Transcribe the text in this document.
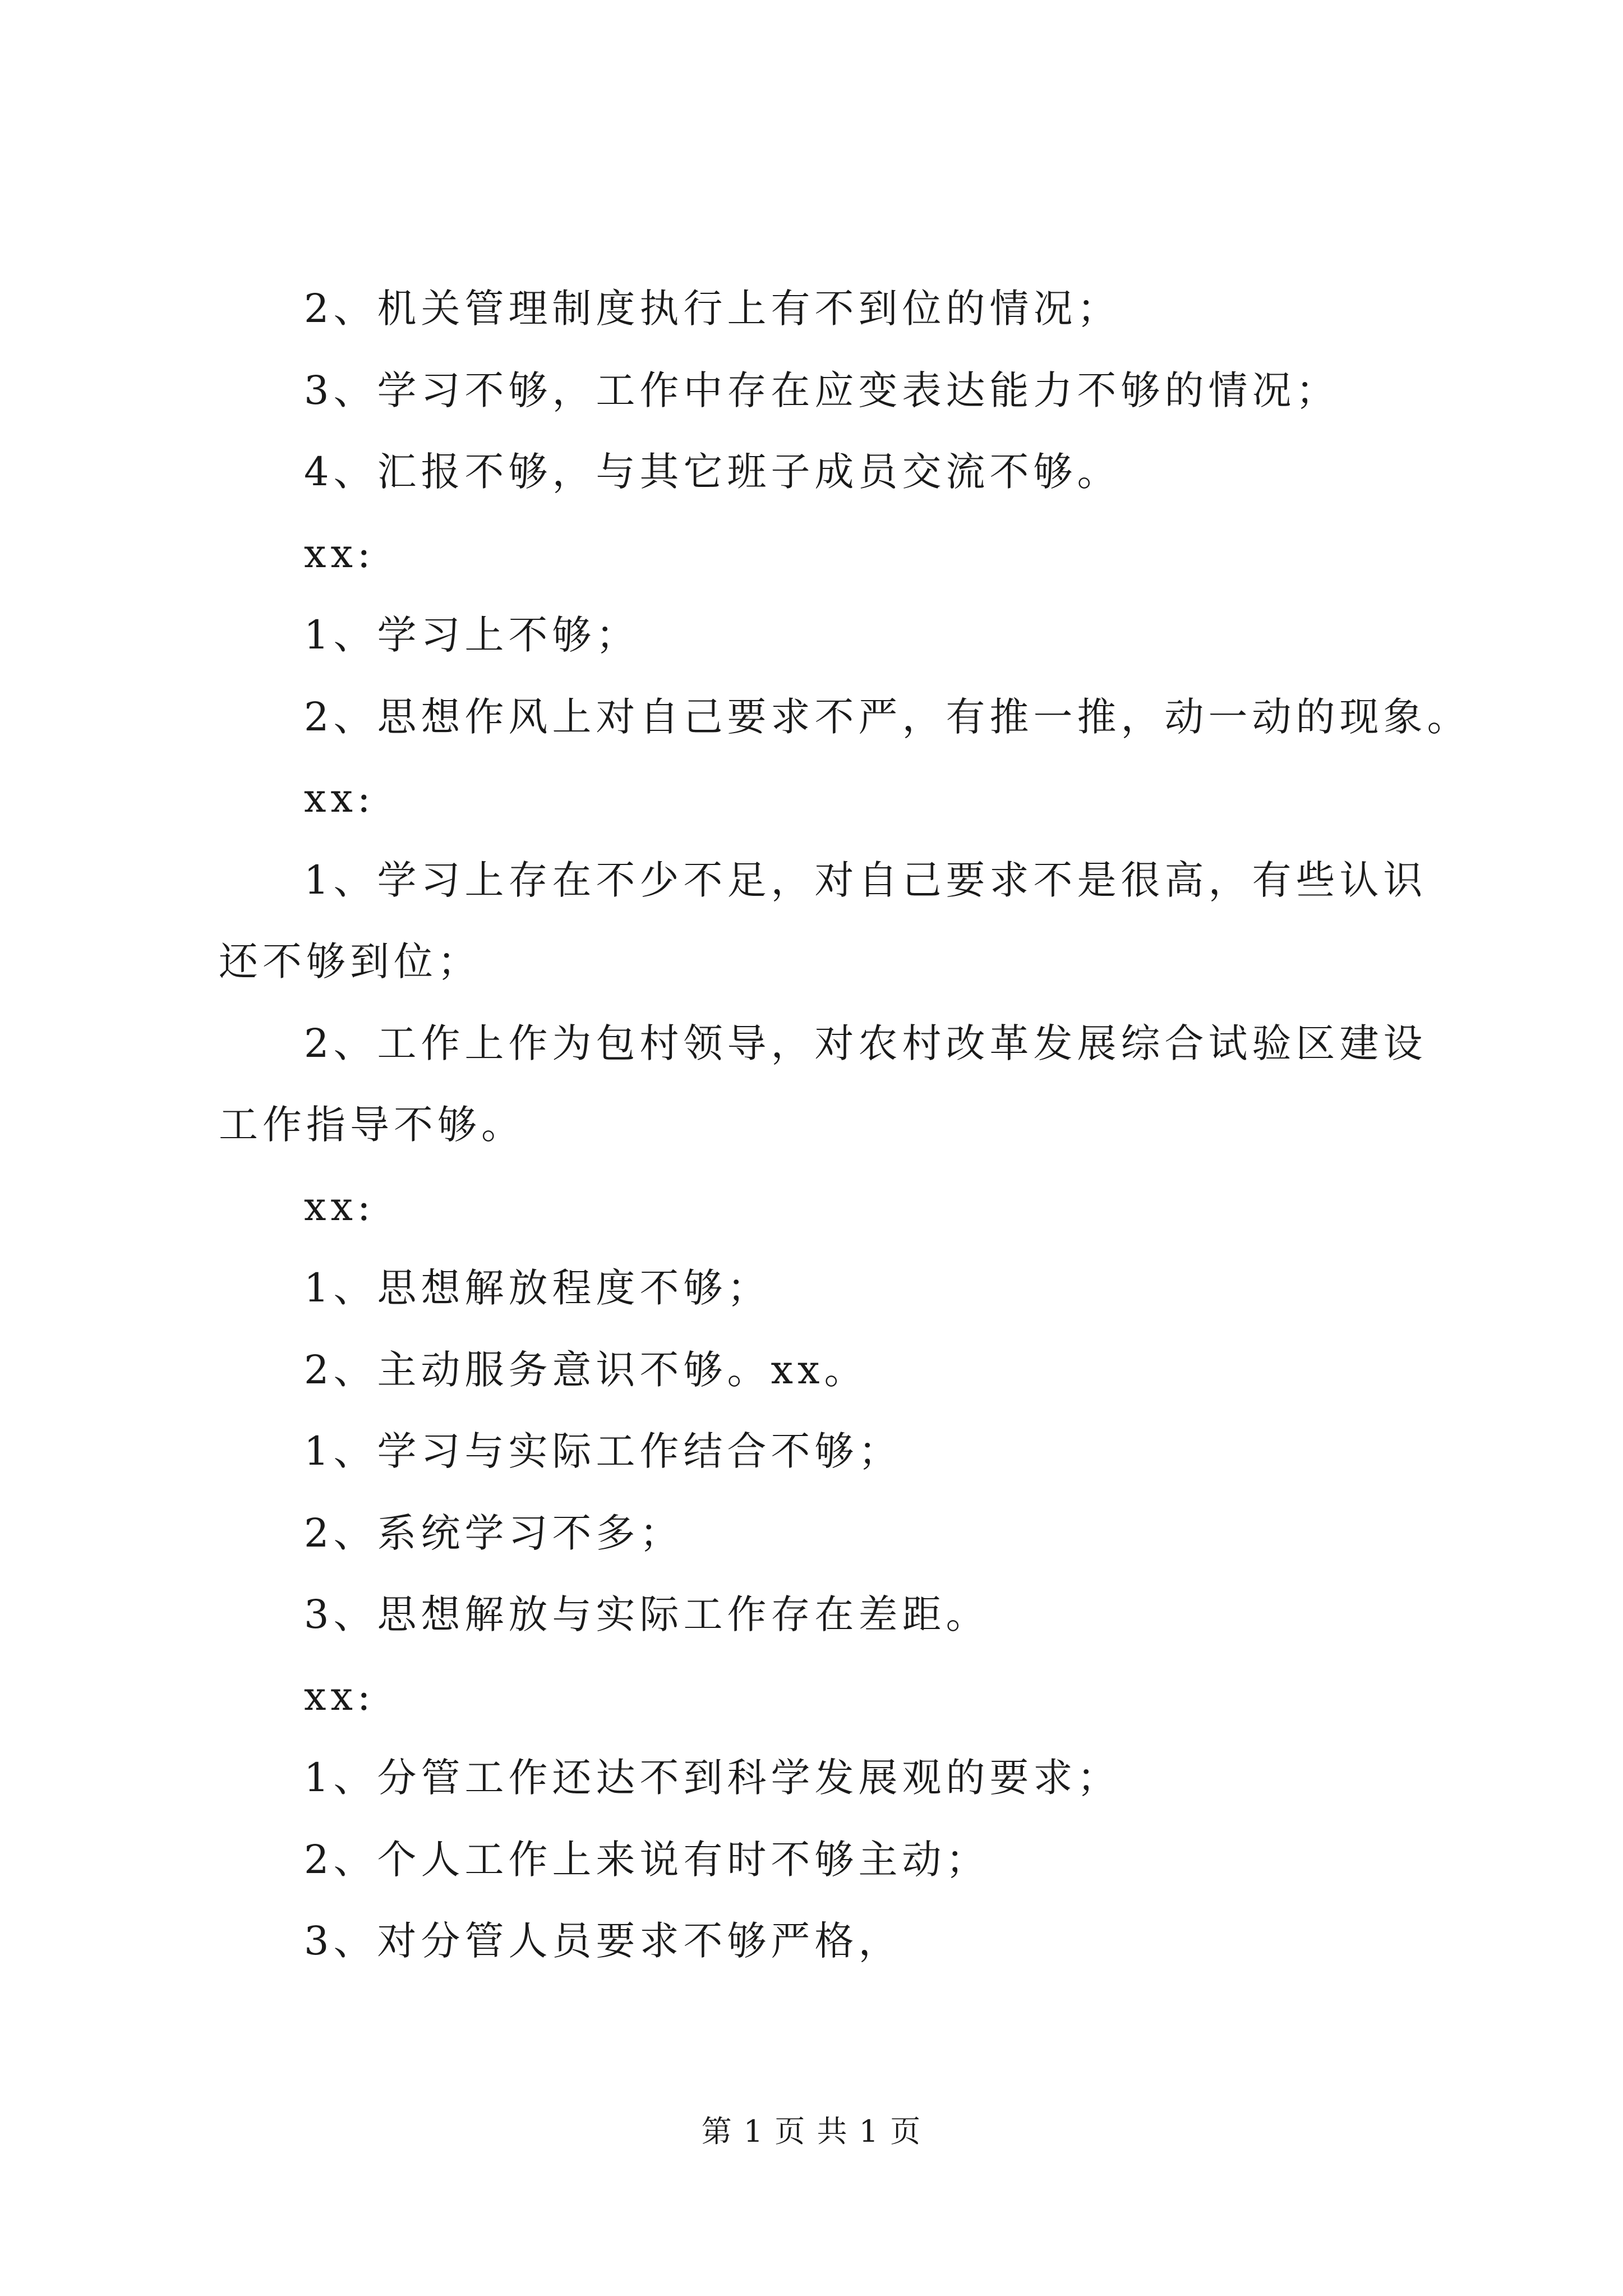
2、机关管理制度执行上有不到位的情况；

3、学习不够，工作中存在应变表达能力不够的情况；

4、汇报不够，与其它班子成员交流不够。

xx:

1、学习上不够；

2、思想作风上对自己要求不严，有推一推，动一动的现象。

xx:

1、学习上存在不少不足，对自己要求不是很高，有些认识

还不够到位；

2、工作上作为包村领导，对农村改革发展综合试验区建设

工作指导不够。

xx:

1、思想解放程度不够；

2、主动服务意识不够。xx。

1、学习与实际工作结合不够；

2、系统学习不多；

3、思想解放与实际工作存在差距。

xx:

1、分管工作还达不到科学发展观的要求；

2、个人工作上来说有时不够主动；

3、对分管人员要求不够严格，

第 1 页 共 1 页
